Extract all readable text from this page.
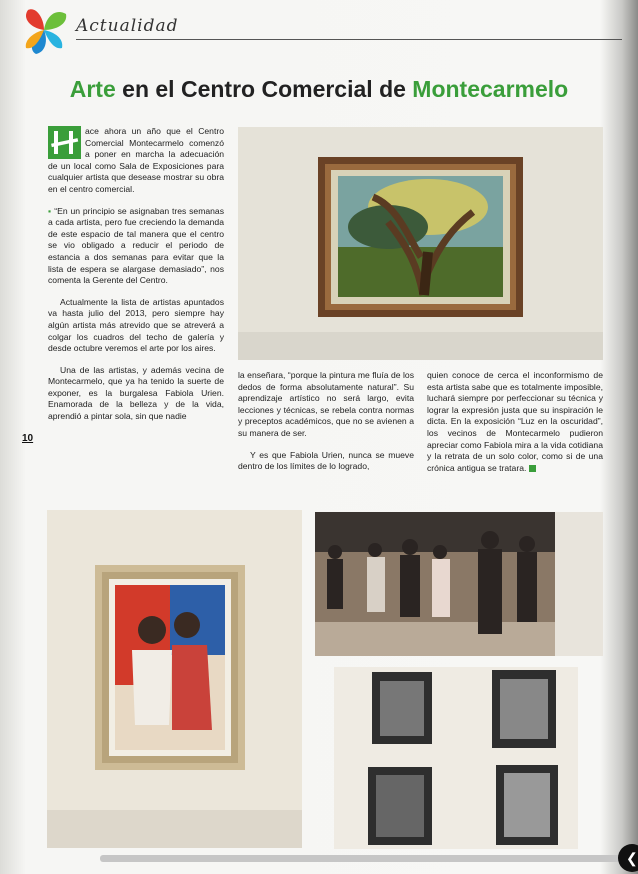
Actualidad
Arte en el Centro Comercial de Montecarmelo

ace ahora un año que el Centro Comercial Montecarmelo comenzó a poner en marcha la adecuación de un local como Sala de Exposiciones para cualquier artista que desease mostrar su obra en el centro comercial.

▪ “En un principio se asignaban tres semanas a cada artista, pero fue creciendo la demanda de este espacio de tal manera que el centro se vio obligado a reducir el periodo de estancia a dos semanas para evitar que la lista de espera se alargase demasiado”, nos comenta la Gerente del Centro.

Actualmente la lista de artistas apuntados va hasta julio del 2013, pero siempre hay algún artista más atrevido que se atreverá a colgar los cuadros del techo de galería y desde octubre veremos el arte por los aires.

Una de las artistas, y además vecina de Montecarmelo, que ya ha tenido la suerte de exponer, es la burgalesa Fabiola Urien. Enamorada de la belleza y de la vida, aprendió a pintar sola, sin que nadie

10

la enseñara, “porque la pintura me fluía de los dedos de forma absolutamente natural”. Su aprendizaje artístico no será largo, evita lecciones y técnicas, se rebela contra normas y preceptos académicos, que no se avienen a su manera de ser.

Y es que Fabiola Urien, nunca se mueve dentro de los límites de lo logrado,

quien conoce de cerca el inconformismo de esta artista sabe que es totalmente imposible, luchará siempre por perfeccionar su técnica y lograr la expresión justa que su inspiración le dicta. En la exposición “Luz en la oscuridad”, los vecinos de Montecarmelo pudieron apreciar como Fabiola mira a la vida cotidiana y la retrata de un solo color, como si de una crónica antigua se tratara.

❮
